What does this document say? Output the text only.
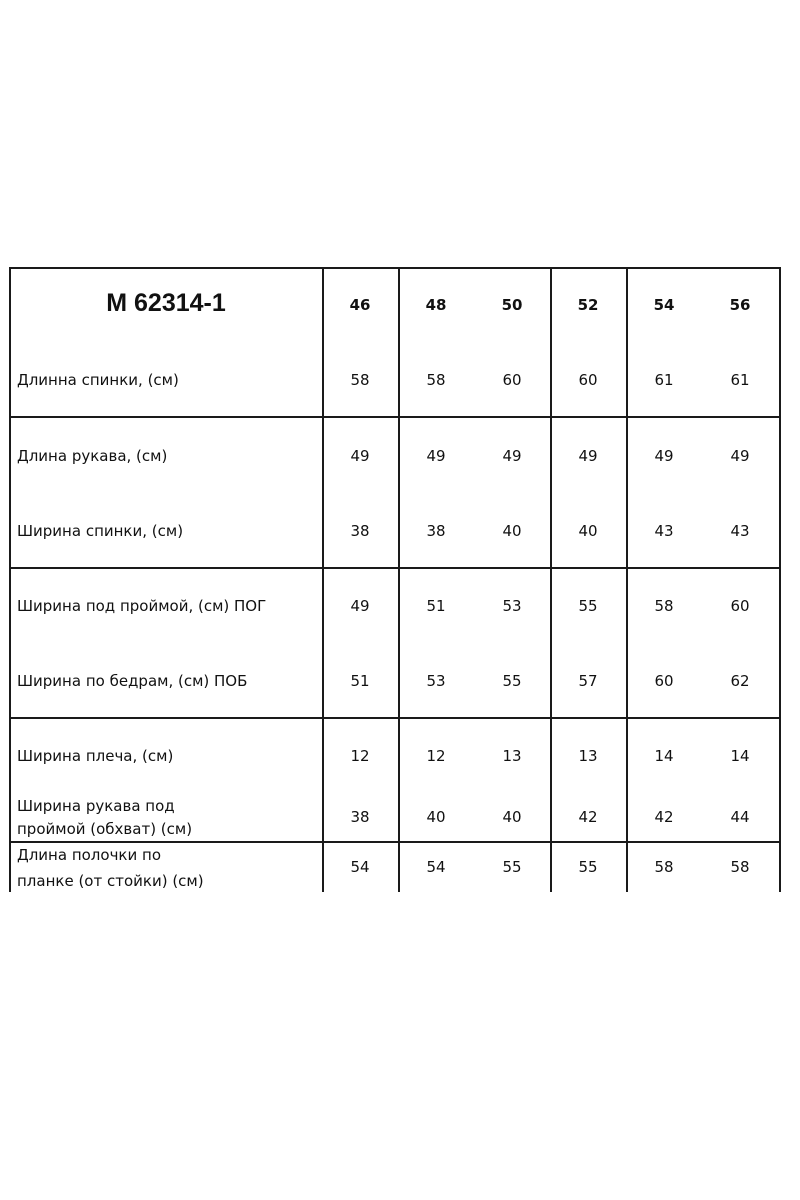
М 62314-1	46	48	50	52	54	56
Длинна спинки, (см)	58	58	60	60	61	61
Длина рукава, (см)	49	49	49	49	49	49
Ширина спинки, (см)	38	38	40	40	43	43
Ширина под проймой, (см) ПОГ	49	51	53	55	58	60
Ширина по бедрам, (см) ПОБ	51	53	55	57	60	62
Ширина плеча, (см)	12	12	13	13	14	14
Ширина рукава под
проймой (обхват) (см)
38	40	40	42	42	44
Длина полочки по
планке (от стойки) (см)
54	54	55	55	58	58
